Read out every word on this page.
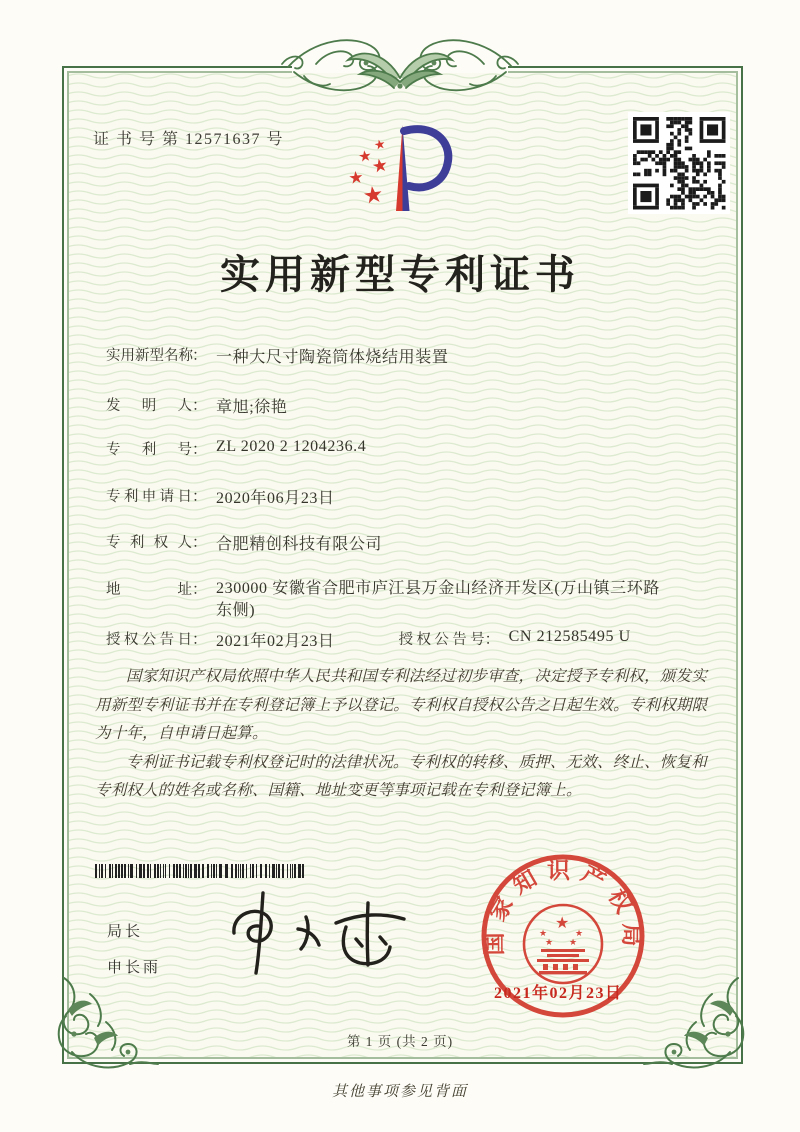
证 书 号 第 12571637 号	★
★
★
★
★
实用新型专利证书
实用新型名称 ： 一种大尺寸陶瓷筒体烧结用装置
发明人 ： 章旭;徐艳
专利号 ： ZL 2020 2 1204236.4
专利申请日 ： 2020年06月23日
专利权人 ： 合肥精创科技有限公司
地址 ： 230000 安徽省合肥市庐江县万金山经济开发区(万山镇三环路东侧)
授权公告日 ： 2021年02月23日	授权公告号 ： CN 212585495 U

国家知识产权局依照中华人民共和国专利法经过初步审查，决定授予专利权，颁发实用新型专利证书并在专利登记簿上予以登记。专利权自授权公告之日起生效。专利权期限为十年，自申请日起算。

专利证书记载专利权登记时的法律状况。专利权的转移、质押、无效、终止、恢复和专利权人的姓名或名称、国籍、地址变更等事项记载在专利登记簿上。

局长
申长雨
国家知识产权局
★
★	★
★ ★
2021年02月23日
第 1 页 (共 2 页)
其他事项参见背面
